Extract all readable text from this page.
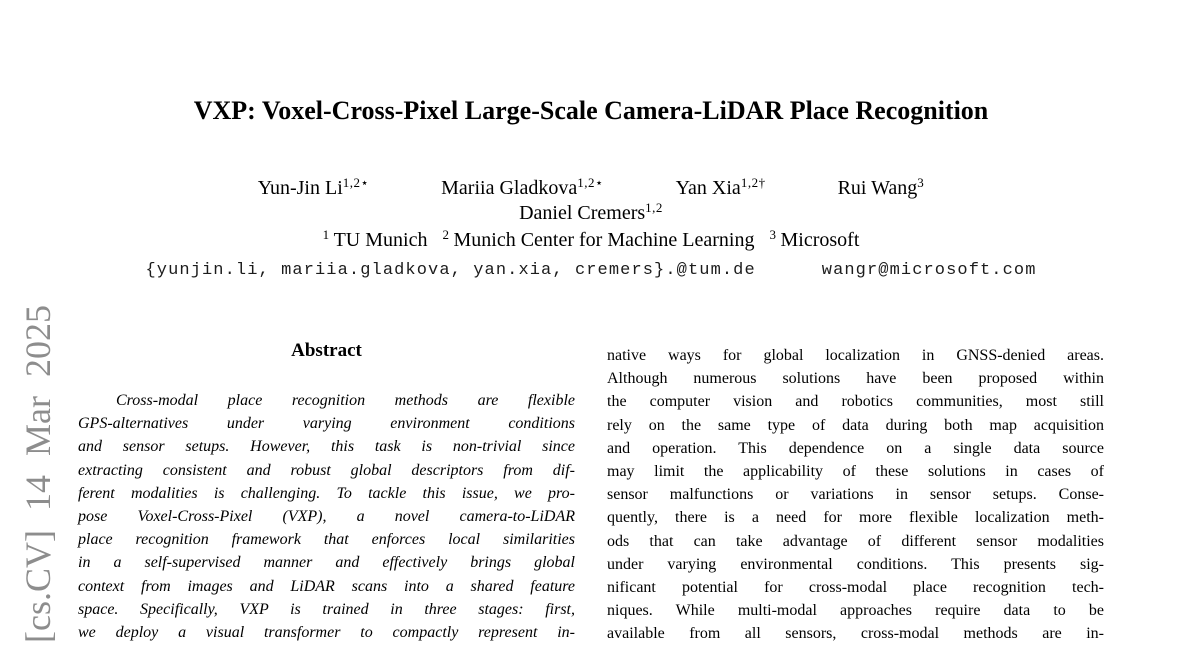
[cs.CV] 14 Mar 2025
VXP: Voxel-Cross-Pixel Large-Scale Camera-LiDAR Place Recognition
Yun-Jin $Li^{1,2⋆}$	Mariia Gladkova$^{1,2⋆}$	Yan Xia$^{1,2\dagger}$	Rui Wang$^3$
Daniel Cremers$^{1,2}$
$^1$ TU Munich $^2$ Munich Center for Machine Learning $^3$ Microsoft
{yunjin.li, mariia.gladkova, yan.xia, cremers}.@tum.de	wangr@microsoft.com
Abstract
Cross-modal place recognition methods are flexible
GPS-alternatives under varying environment conditions
and sensor setups. However, this task is non-trivial since
extracting consistent and robust global descriptors from dif-
ferent modalities is challenging. To tackle this issue, we pro-
pose Voxel-Cross-Pixel (VXP), a novel camera-to-LiDAR
place recognition framework that enforces local similarities
in a self-supervised manner and effectively brings global
context from images and LiDAR scans into a shared feature
space. Specifically, VXP is trained in three stages: first,
we deploy a visual transformer to compactly represent in-
native ways for global localization in GNSS-denied areas.
Although numerous solutions have been proposed within
the computer vision and robotics communities, most still
rely on the same type of data during both map acquisition
and operation. This dependence on a single data source
may limit the applicability of these solutions in cases of
sensor malfunctions or variations in sensor setups. Conse-
quently, there is a need for more flexible localization meth-
ods that can take advantage of different sensor modalities
under varying environmental conditions. This presents sig-
nificant potential for cross-modal place recognition tech-
niques. While multi-modal approaches require data to be
available from all sensors, cross-modal methods are in-
